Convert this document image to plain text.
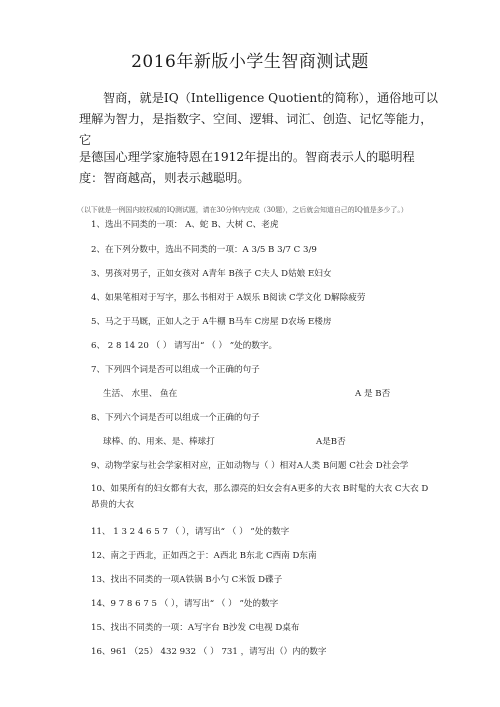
2016年新版小学生智商测试题
智商，就是IQ（Intelligence Quotient的简称），通俗地可以理解为智力，是指数字、空间、逻辑、词汇、创造、记忆等能力，它
是德国心理学家施特恩在1912年提出的。智商表示人的聪明程度：智商越高，则表示越聪明。
（以下就是一例国内较权威的IQ测试题，请在30分钟内完成（30题），之后就会知道自己的IQ值是多少了。）
1、选出不同类的一项： A、蛇 B、大树 C、老虎
2、在下列分数中，选出不同类的一项：A 3/5 B 3/7 C 3/9
3、男孩对男子，正如女孩对 A青年 B孩子 C夫人 D姑娘 E妇女
4、如果笔相对于写字，那么书相对于 A娱乐 B阅读 C学文化 D解除疲劳
5、马之于马厩，正如人之于 A牛棚 B马车 C房屋 D农场 E楼房
6、 2 8 14 20 （ ） 请写出“ （ ） ”处的数字。
7、下列四个词是否可以组成一个正确的句子
生活、 水里、 鱼在	A 是 B否
8、下列六个词是否可以组成一个正确的句子
球棒、的、用来、是、棒球打	A是B否
9、动物学家与社会学家相对应，正如动物与（ ）相对A人类 B问题 C社会 D社会学
10、如果所有的妇女都有大衣，那么漂亮的妇女会有A更多的大衣 B时髦的大衣 C大衣 D昂贵的大衣
11、 1 3 2 4 6 5 7 （ ），请写出“ （ ） ”处的数字
12、南之于西北，正如西之于：A西北 B东北 C西南 D东南
13、找出不同类的一项A铁锅 B小勺 C米饭 D碟子
14、9 7 8 6 7 5 （ ），请写出“ （ ） ”处的数字
15、找出不同类的一项：A写字台 B沙发 C电视 D桌布
16、961 （25） 432 932 （ ） 731 ，请写出（）内的数字
